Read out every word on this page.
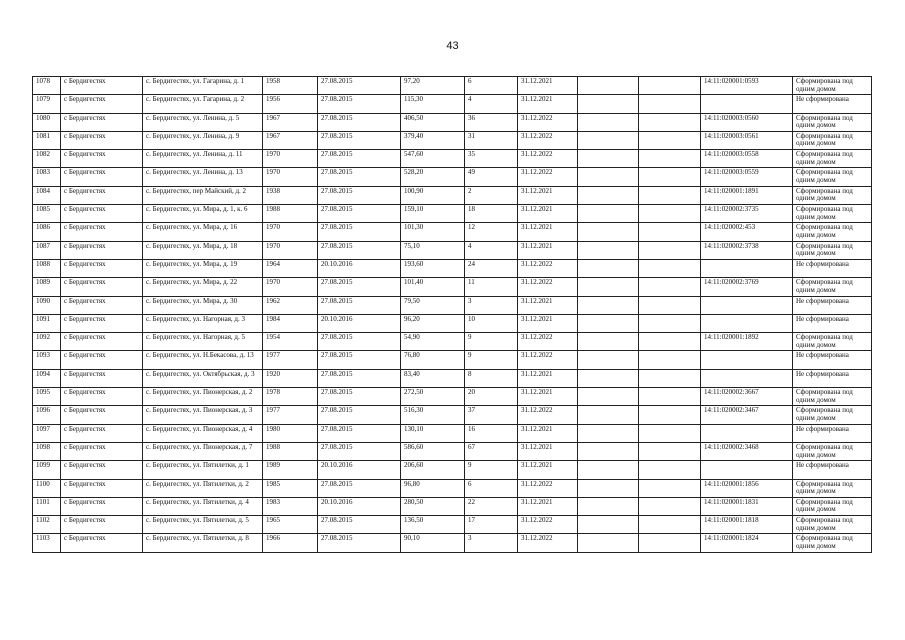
43
1078	с Бердигестях	с. Бердигестях, ул. Гагарина, д. 1	1958	27.08.2015	97,20	6	31.12.2021			14:11:020001:0593	Сформирована под одним домом
1079	с Бердигестях	с. Бердигестях, ул. Гагарина, д. 2	1956	27.08.2015	115,30	4	31.12.2021				Не сформирована
1080	с Бердигестях	с. Бердигестях, ул. Ленина, д. 5	1967	27.08.2015	406,50	36	31.12.2022			14:11:020003:0560	Сформирована под одним домом
1081	с Бердигестях	с. Бердигестях, ул. Ленина, д. 9	1967	27.08.2015	379,40	31	31.12.2022			14:11:020003:0561	Сформирована под одним домом
1082	с Бердигестях	с. Бердигестях, ул. Ленина, д. 11	1970	27.08.2015	547,60	35	31.12.2022			14:11:020003:0558	Сформирована под одним домом
1083	с Бердигестях	с. Бердигестях, ул. Ленина, д. 13	1970	27.08.2015	528,20	49	31.12.2022			14:11:020003:0559	Сформирована под одним домом
1084	с Бердигестях	с. Бердигестях, пер Майский, д. 2	1938	27.08.2015	100,90	2	31.12.2021			14:11:020001:1891	Сформирована под одним домом
1085	с Бердигестях	с. Бердигестях, ул. Мира, д. 1, к. 6	1988	27.08.2015	159,10	18	31.12.2021			14:11:020002:3735	Сформирована под одним домом
1086	с Бердигестях	с. Бердигестях, ул. Мира, д. 16	1970	27.08.2015	101,30	12	31.12.2021			14:11:020002:453	Сформирована под одним домом
1087	с Бердигестях	с. Бердигестях, ул. Мира, д. 18	1970	27.08.2015	75,10	4	31.12.2021			14:11:020002:3738	Сформирована под одним домом
1088	с Бердигестях	с. Бердигестях, ул. Мира, д. 19	1964	20.10.2016	193,60	24	31.12.2022				Не сформирована
1089	с Бердигестях	с. Бердигестях, ул. Мира, д. 22	1970	27.08.2015	101,40	11	31.12.2022			14:11:020002:3769	Сформирована под одним домом
1090	с Бердигестях	с. Бердигестях, ул. Мира, д. 30	1962	27.08.2015	79,50	3	31.12.2021				Не сформирована
1091	с Бердигестях	с. Бердигестях, ул. Нагорная, д. 3	1984	20.10.2016	96,20	10	31.12.2021				Не сформирована
1092	с Бердигестях	с. Бердигестях, ул. Нагорная, д. 5	1954	27.08.2015	54,90	9	31.12.2022			14:11:020001:1892	Сформирована под одним домом
1093	с Бердигестях	с. Бердигестях, ул. Н.Бекасова, д. 13	1977	27.08.2015	76,80	9	31.12.2022				Не сформирована
1094	с Бердигестях	с. Бердигестях, ул. Октябрьская, д. 3	1920	27.08.2015	83,40	8	31.12.2021				Не сформирована
1095	с Бердигестях	с. Бердигестях, ул. Пионерская, д. 2	1978	27.08.2015	272,50	20	31.12.2021			14:11:020002:3667	Сформирована под одним домом
1096	с Бердигестях	с. Бердигестях, ул. Пионерская, д. 3	1977	27.08.2015	516,30	37	31.12.2022			14:11:020002:3467	Сформирована под одним домом
1097	с Бердигестях	с. Бердигестях, ул. Пионерская, д. 4	1980	27.08.2015	130,10	16	31.12.2021				Не сформирована
1098	с Бердигестях	с. Бердигестях, ул. Пионерская, д. 7	1988	27.08.2015	586,60	67	31.12.2021			14:11:020002:3468	Сформирована под одним домом
1099	с Бердигестях	с. Бердигестях, ул. Пятилетки, д. 1	1989	20.10.2016	206,60	9	31.12.2021				Не сформирована
1100	с Бердигестях	с. Бердигестях, ул. Пятилетки, д. 2	1985	27.08.2015	96,80	6	31.12.2022			14:11:020001:1856	Сформирована под одним домом
1101	с Бердигестях	с. Бердигестях, ул. Пятилетки, д. 4	1983	20.10.2016	280,50	22	31.12.2021			14:11:020001:1831	Сформирована под одним домом
1102	с Бердигестях	с. Бердигестях, ул. Пятилетки, д. 5	1965	27.08.2015	136,50	17	31.12.2022			14:11:020001:1818	Сформирована под одним домом
1103	с Бердигестях	с. Бердигестях, ул. Пятилетки, д. 8	1966	27.08.2015	90,10	3	31.12.2022			14:11:020001:1824	Сформирована под одним домом
